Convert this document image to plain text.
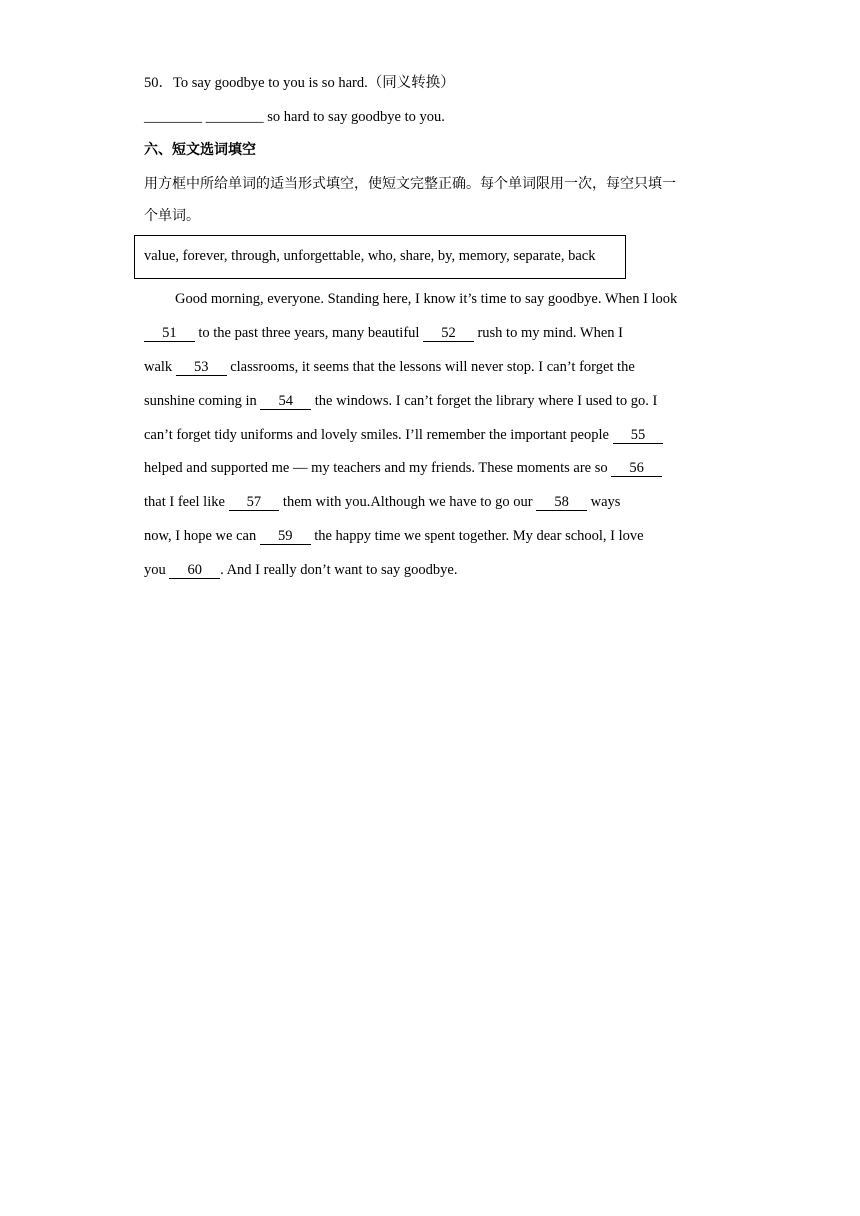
50．To say goodbye to you is so hard.（同义转换）
________ ________ so hard to say goodbye to you.
六、短文选词填空
用方框中所给单词的适当形式填空，使短文完整正确。每个单词限用一次，每空只填一
个单词。
value, forever, through, unforgettable, who, share, by, memory, separate, back
Good morning, everyone. Standing here, I know it’s time to say goodbye. When I look
51      to the past three years, many beautiful      52      rush to my mind. When I
walk      53      classrooms, it seems that the lessons will never stop. I can’t forget the
sunshine coming in      54      the windows. I can’t forget the library where I used to go. I
can’t forget tidy uniforms and lovely smiles. I’ll remember the important people      55
helped and supported me — my teachers and my friends. These moments are so      56
that I feel like      57      them with you.Although we have to go our      58      ways
now, I hope we can      59      the happy time we spent together. My dear school, I love
you      60     . And I really don’t want to say goodbye.
